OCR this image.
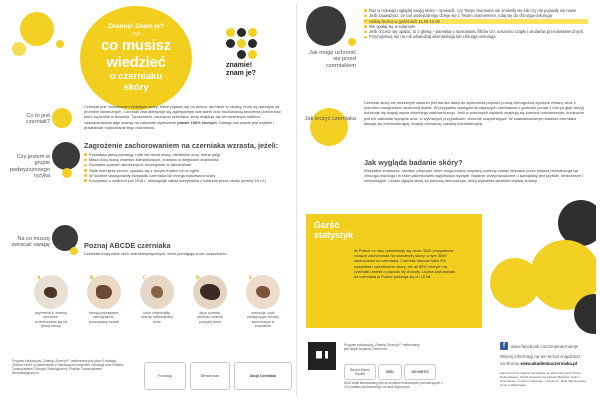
Znamię! Znam je?
czyli
co musisz
wiedzieć
o czerniaku
skóry
znamie!
znam je?
Co to jest czerniak?
Czerniak jest nowotworem złośliwym skóry. Może pojawić się na słońcu, ale także w okolicy, które są osłonięte od promieni słonecznych. Czerniak charakteryzuje się agresywnym wzrostem oraz możliwością tworzenia przerzutów, które są trudne w leczeniu. Tymczasem, usunięcie czerniaka, który znajduje się we wczesnym stadium zaawansowania daje szansę na całkowite wyleczenie prawie 100% chorych. Dlatego tak ważne jest szybkie i prawidłowe rozpoznanie tego nowotworu.
Czy jestem w grupie podwyższonego ryzyka
Zagrożenie zachorowaniem na czerniaka wzrasta, jeżeli:
Posiadasz jasną karnację, rude lub blond włosy, niebieskie oczy, liczne piegi
Masz dużą liczbę znamion barwnikowych, znamion w miejscach drażnienia
Doznałeś oparzeń słonecznych, szczególnie w dzieciństwie
Stale tolerujesz słońce, opalasz się z dużym trudem lub w ogóle
W rodzinie występowały przypadki czerniaka lub innego nowotworu skóry
Korzystasz z solarium (od 2018 r. obowiązuje zakaz korzystania z solarium przez osoby poniżej 18 r.ż.)
Na co muszę zwracać uwagę	Poznaj ABCDE czerniaka
Czerniaki mają wiele cech charakterystycznych, które pomagają w ich rozpoznaniu.
A
asymetria tj. znamię nierówne, zróżnicowane się na jedną stronę
B
brzegi poszarpane, nieregularne, poszarpany kształt
C
kolor niejednolity, czarny, wielobarwny kolor
D
duży rozmiar, wielkość znamię powyżej 6mm
E
ewolucja, czyli postępujące zmiany zachodzące w znamieniu
Program edukacyjny „Znamię! Znam je?” realizowany jest przez Fundację „Dobrze Horiz” w partnerstwie z Narodowym Instytutem Onkologii oraz Polskim Towarzystwem Chirurgii Onkologicznej i Polskim Towarzystwem Dermatologicznym.
Fundacja	Ministerstwo	Akcja Czerniaka
Jak mogę uchronić się przed czerniakiem
Raz w miesiącu oglądaj swoją skórę – sprawdź, czy Twoje znamiona nie zmieniły się lub czy nie pojawiły się nowe
Jeśli zauważysz, że coś podejrzanego dzieje się z Twoim znamieniem, udaj się do chirurga-onkologa
Unikaj słońca w godzinach 11.00-16.00
Nie opalaj się w solarium!
Jeśli chcesz się opalać, to z głową – pamiętaj o stosowaniu filtrów UV, noszeniu czapki i okularów przeciwsłonecznych.
Przynajmniej raz na rok odwiedzaj dermatologa lub chirurga-onkologa
Jak leczyć czerniaka
Czerniak skóry we wczesnym stadium jest bardzo łatwy do wyleczenia poprzez prostą chirurgiczną wycięcie zmiany wraz z szerokim marginesem okolicznej tkanki. W przypadku wystąpienia większych czerniaków o grubości ponad 1 mm (w głąb skóry) dokonuje się biopsji węzła chłonnego wartowniczego. Jeśli w pobranych węzłach znajdują się komórki nowotworowe, konieczne jest ich całkowite wycięcie oraz, w wybranych przypadkach, leczenie uzupełniające. W zaawansowanym stadium czerniaka stosuje się immunoterapię, terapię celowaną, rzadziej chemioterapię.
Jak wygląda badanie skóry?
Wszystkie znamiona, narośla, pieprzyki, które mogą budzić niepokój powinny zostać zbadane przez lekarza dermatologa lub chirurga-onkologa i w razie jakichkolwiek wątpliwości wycięte. Badanie przeprowadzone u specjalisty jest szybkie, bezbolesne i nieinwazyjne. Lekarz ogląda skórę za pomocą dermoskopu, który wyświetla wszelkie objawy zmiany.
Garść
statystyk
W Polsce co roku odnotowuje się około 3000 przypadków nowych zachorowań na nowotwory skóry, w tym 3000 zachorowań na czerniaka. Czerniak stanowi tylko 4% wszystkich nowotworów skóry, ale aż 80% chorych na czerniaki umiera z powodu tej choroby. Liczba zachorowań na czerniaka w Polsce podwaja się co 10 lat.
f	www.facebook.com/znamieznamje
Więcej informacji na ten temat znajdziesz
na stronie www.akademiaczerniaka.pl
Program edukacyjny „Znamię! Znam je?” realizowany jest dzięki wsparciu Partnerów:
Bristol-Myers Squibb	MSD	NOVARTIS
Druk ulotki finansowany jest ze środków finansowych pochodzących z 1% podatku dochodowego od osób fizycznych.
Zamieszczone zdjęcia czerniaków są własnością prof. Piotra Rutkowskiego, Kliniki Nowotworów Tkanek Miękkich, Kości i Czerniaków, Centrum Onkologii – Instytut im. Marii Skłodowskiej-Curie w Warszawie.
